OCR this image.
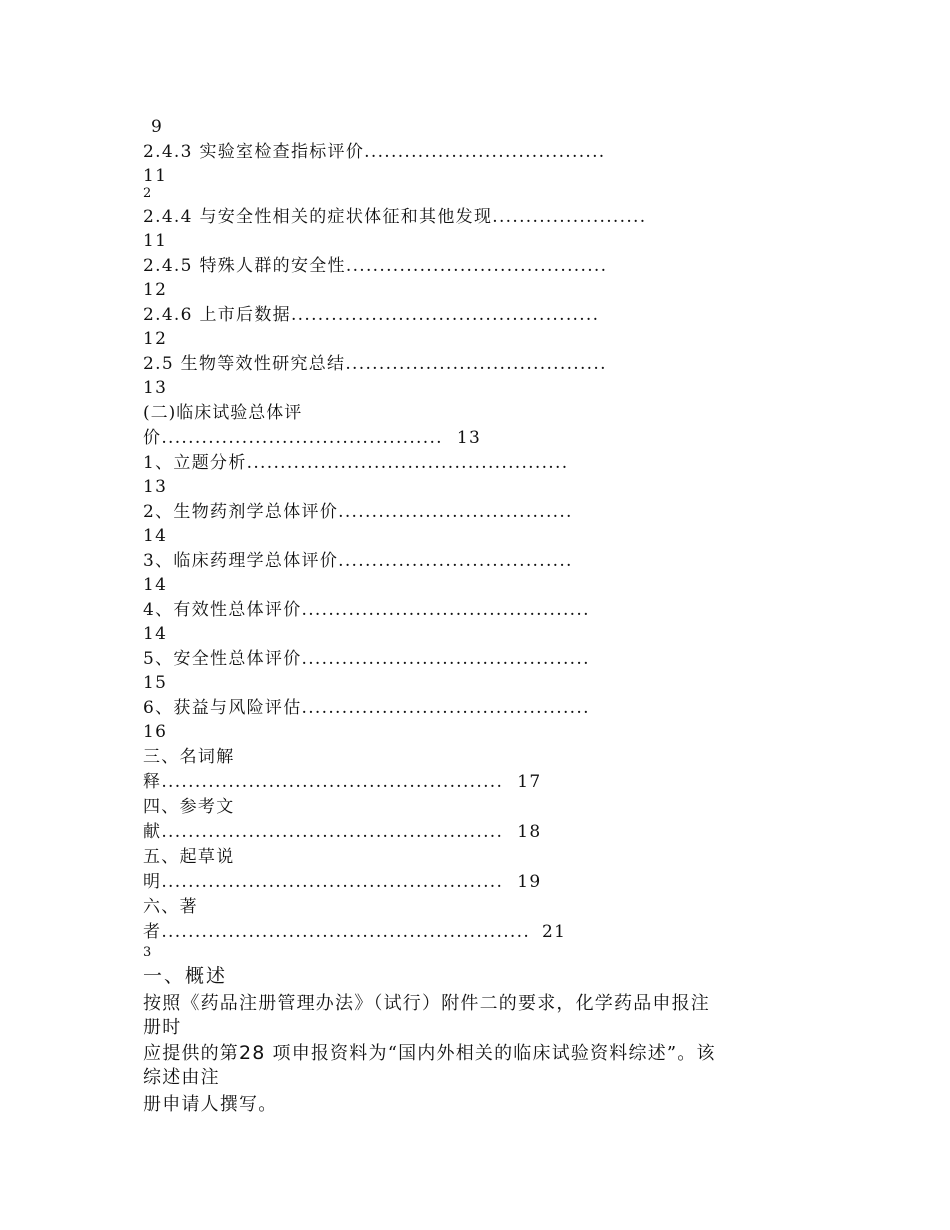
9
2.4.3 实验室检查指标评价....................................
11
2
2.4.4 与安全性相关的症状体征和其他发现.......................
11
2.4.5 特殊人群的安全性.......................................
12
2.4.6 上市后数据..............................................
12
2.5 生物等效性研究总结.......................................
13
(二)临床试验总体评
价.......................................... 13
1、立题分析................................................
13
2、生物药剂学总体评价...................................
14
3、临床药理学总体评价...................................
14
4、有效性总体评价...........................................
14
5、安全性总体评价...........................................
15
6、获益与风险评估...........................................
16
三、名词解
释................................................... 17
四、参考文
献................................................... 18
五、起草说
明................................................... 19
六、著
者....................................................... 21
3
一、概述
按照《药品注册管理办法》（试行）附件二的要求，化学药品申报注
册时
应提供的第28 项申报资料为“国内外相关的临床试验资料综述”。该
综述由注
册申请人撰写。
